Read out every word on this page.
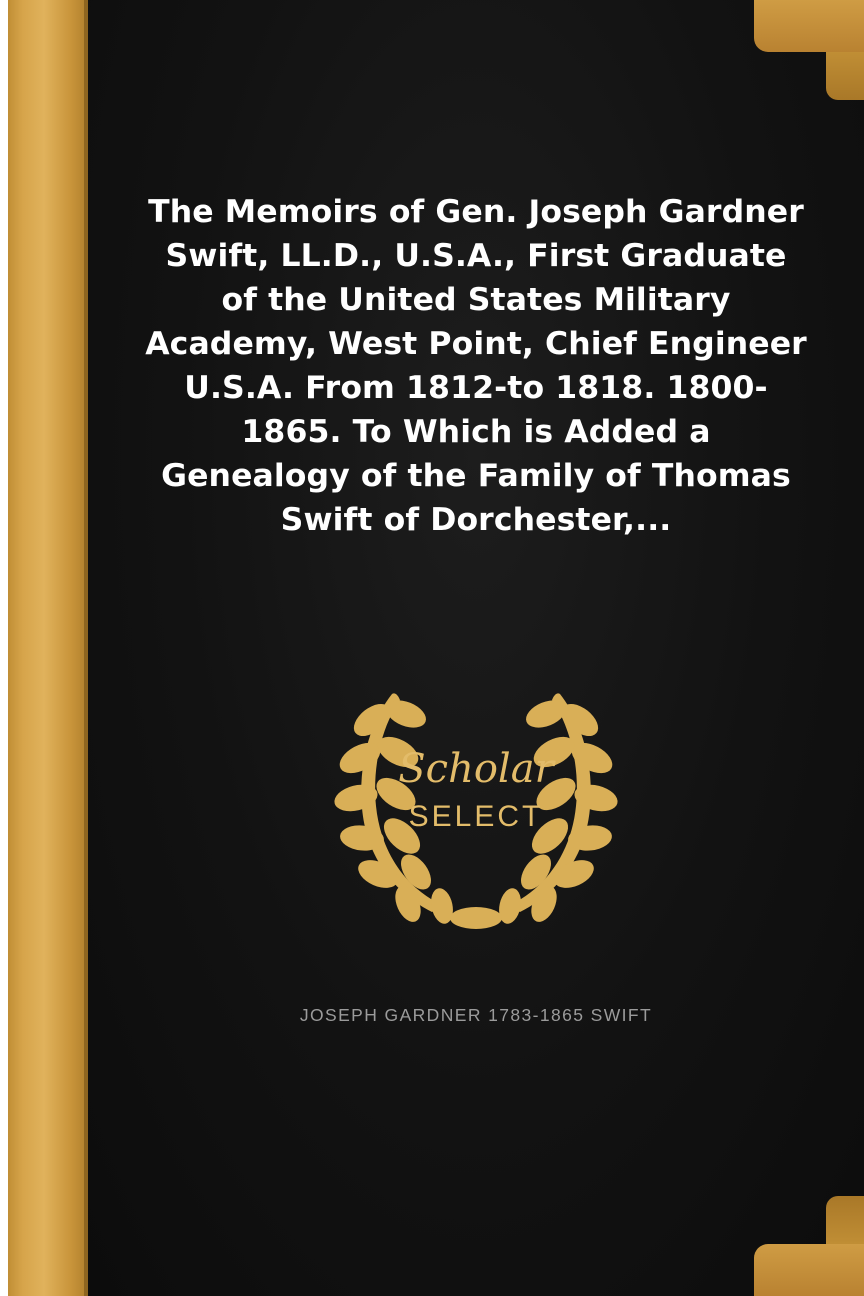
The Memoirs of Gen. Joseph Gardner Swift, LL.D., U.S.A., First Graduate of the United States Military Academy, West Point, Chief Engineer U.S.A. From 1812-to 1818. 1800-1865. To Which is Added a Genealogy of the Family of Thomas Swift of Dorchester,...
Scholar
SELECT
JOSEPH GARDNER 1783-1865 SWIFT
